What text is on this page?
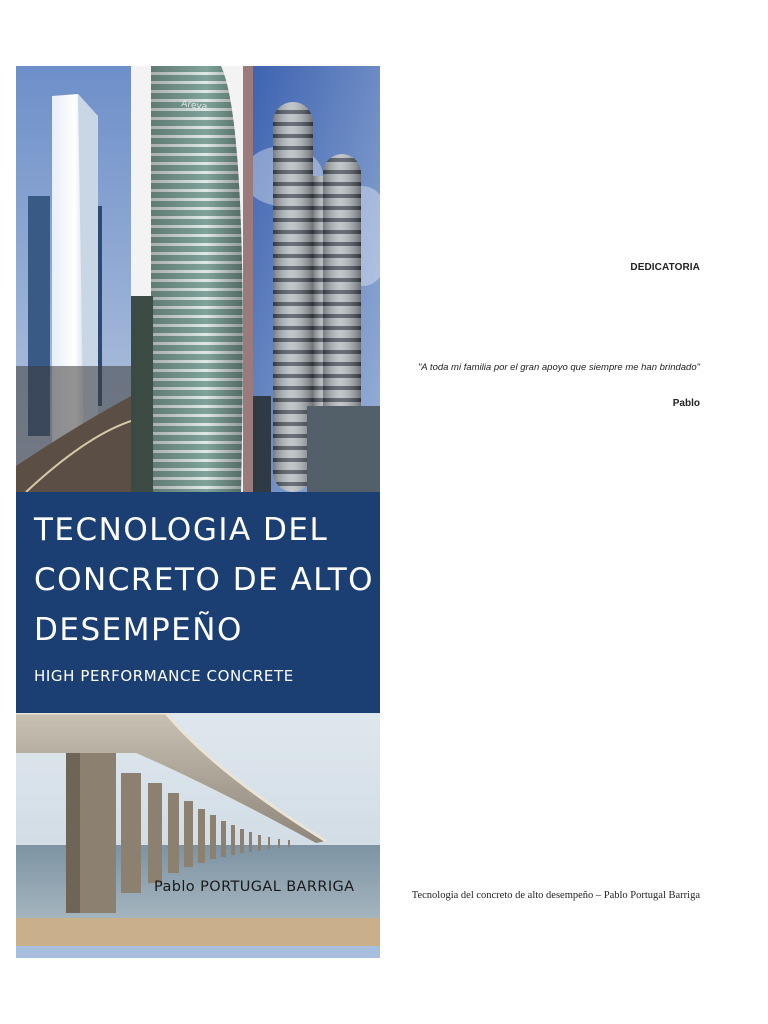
Areva
TECNOLOGIA DEL
CONCRETO DE ALTO
DESEMPEÑO
HIGH PERFORMANCE CONCRETE
Pablo PORTUGAL BARRIGA
DEDICATORIA
"A toda mi familia por el gran apoyo que siempre me han brindado"
Pablo
Tecnologia del concreto de alto desempeño – Pablo Portugal Barriga
